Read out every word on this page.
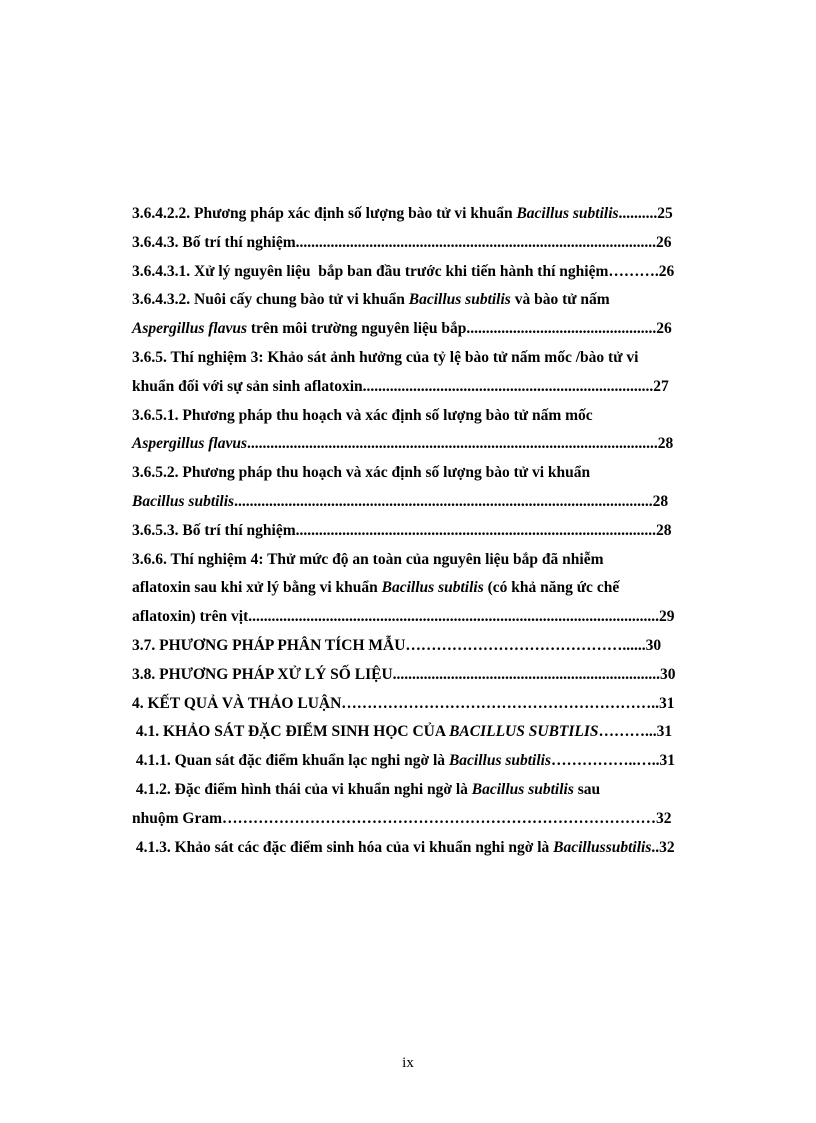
3.6.4.2.2. Phương pháp xác định số lượng bào tử vi khuẩn Bacillus subtilis..........25
3.6.4.3. Bố trí thí nghiệm.............................................................................................26
3.6.4.3.1. Xử lý nguyên liệu  bắp ban đầu trước khi tiến hành thí nghiệm……….26
3.6.4.3.2. Nuôi cấy chung bào tử vi khuẩn Bacillus subtilis và bào tử nấm
Aspergillus flavus trên môi trường nguyên liệu bắp.................................................26
3.6.5. Thí nghiệm 3: Khảo sát ảnh hưởng của tỷ lệ bào tử nấm mốc /bào tử vi
khuẩn đối với sự sản sinh aflatoxin...........................................................................27
3.6.5.1. Phương pháp thu hoạch và xác định số lượng bào tử nấm mốc
Aspergillus flavus..........................................................................................................28
3.6.5.2. Phương pháp thu hoạch và xác định số lượng bào tử vi khuẩn
Bacillus subtilis............................................................................................................28
3.6.5.3. Bố trí thí nghiệm.............................................................................................28
3.6.6. Thí nghiệm 4: Thử mức độ an toàn của nguyên liệu bắp đã nhiễm
aflatoxin sau khi xử lý bằng vi khuẩn Bacillus subtilis (có khả năng ức chế
aflatoxin) trên vịt..........................................................................................................29
3.7. PHƯƠNG PHÁP PHÂN TÍCH MẪU……………………………………......30
3.8. PHƯƠNG PHÁP XỬ LÝ SỐ LIỆU.....................................................................30
4. KẾT QUẢ VÀ THẢO LUẬN……………………………………………………..31
4.1. KHẢO SÁT ĐẶC ĐIỂM SINH HỌC CỦA BACILLUS SUBTILIS………...31
4.1.1. Quan sát đặc điểm khuẩn lạc nghi ngờ là Bacillus subtilis……………..…..31
4.1.2. Đặc điểm hình thái của vi khuẩn nghi ngờ là Bacillus subtilis sau
nhuộm Gram…………………………………………………………………………32
4.1.3. Khảo sát các đặc điểm sinh hóa của vi khuẩn nghi ngờ là Bacillussubtilis..32
ix
